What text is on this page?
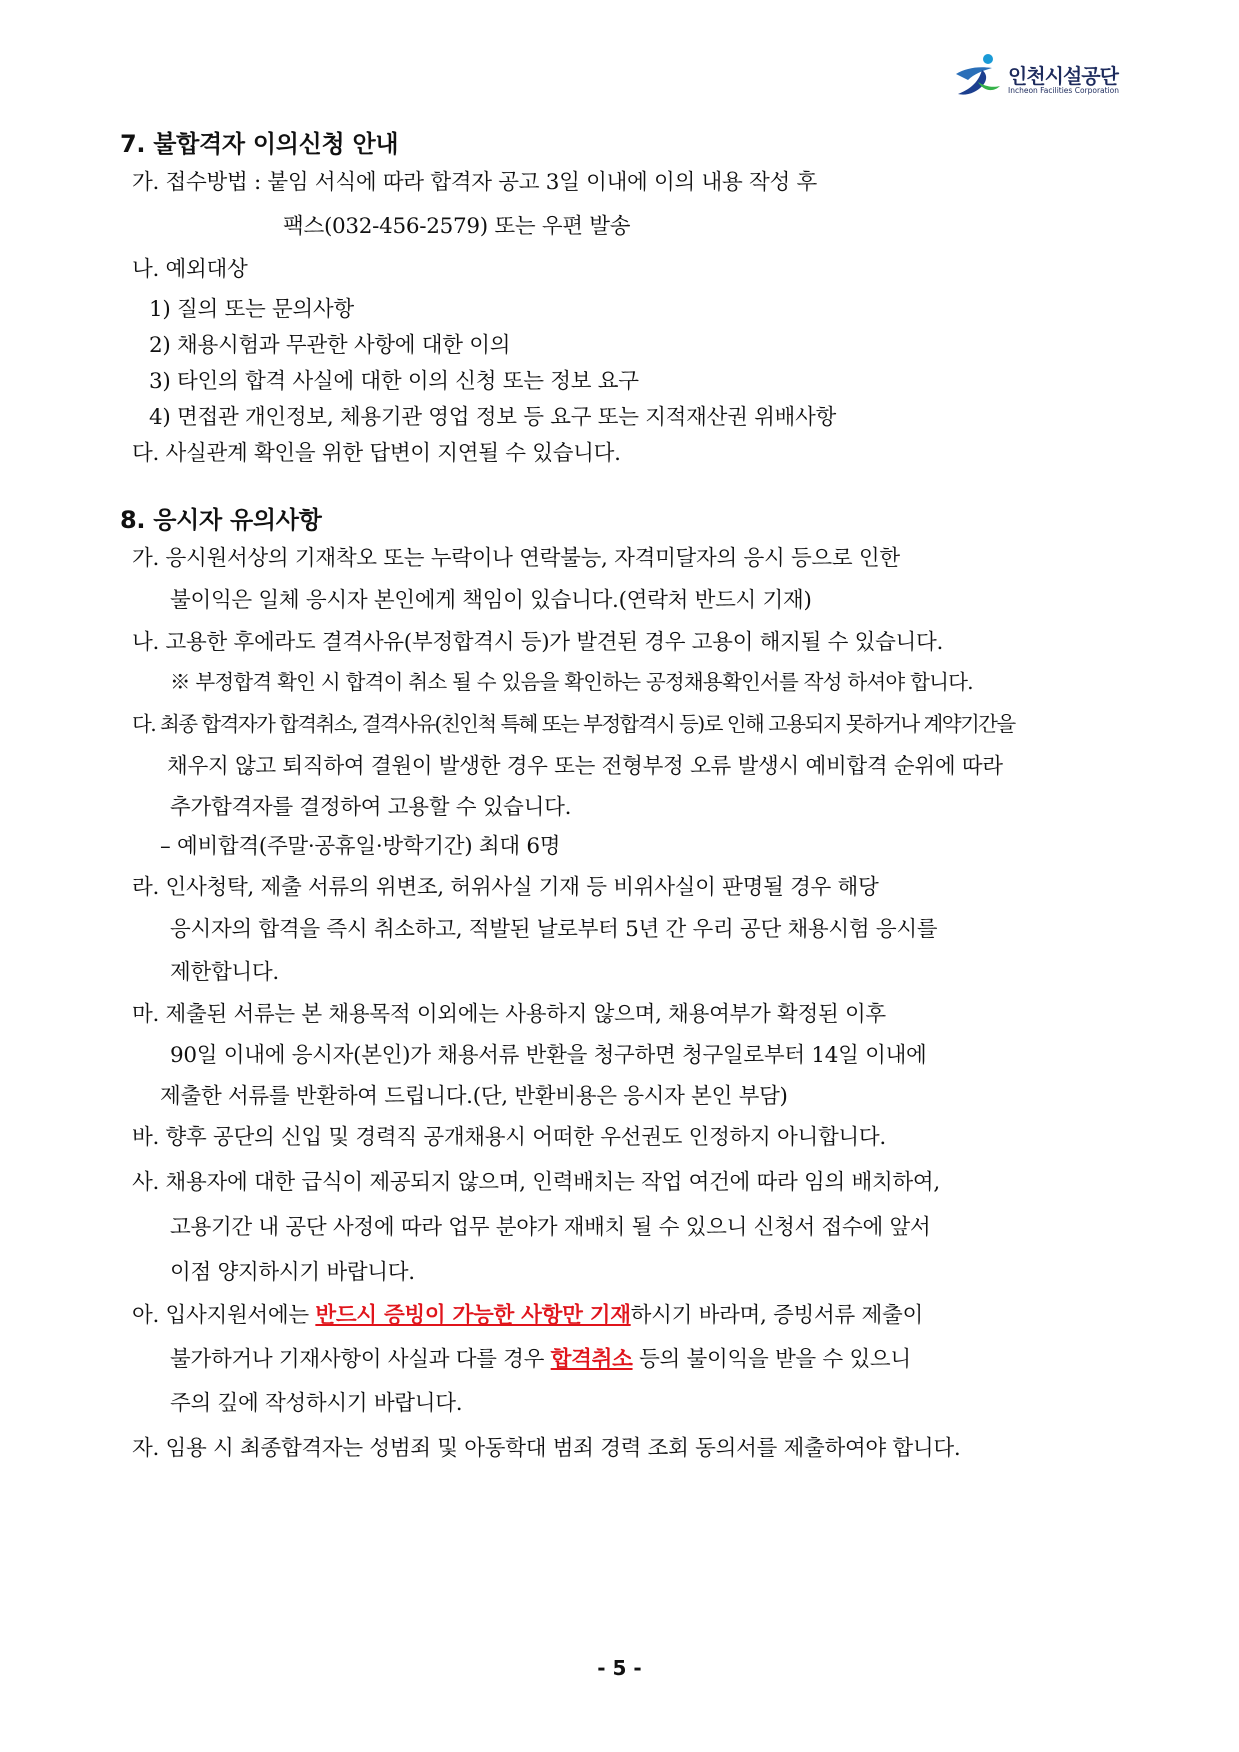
인천시설공단
Incheon Facilities Corporation
7. 불합격자 이의신청 안내
가. 접수방법 : 붙임 서식에 따라 합격자 공고 3일 이내에 이의 내용 작성 후
팩스(032-456-2579) 또는 우편 발송
나. 예외대상
1) 질의 또는 문의사항
2) 채용시험과 무관한 사항에 대한 이의
3) 타인의 합격 사실에 대한 이의 신청 또는 정보 요구
4) 면접관 개인정보, 체용기관 영업 정보 등 요구 또는 지적재산권 위배사항
다. 사실관계 확인을 위한 답변이 지연될 수 있습니다.
8. 응시자 유의사항
가. 응시원서상의 기재착오 또는 누락이나 연락불능, 자격미달자의 응시 등으로 인한
불이익은 일체 응시자 본인에게 책임이 있습니다.(연락처 반드시 기재)
나. 고용한 후에라도 결격사유(부정합격시 등)가 발견된 경우 고용이 해지될 수 있습니다.
※ 부정합격 확인 시 합격이 취소 될 수 있음을 확인하는 공정채용확인서를 작성 하셔야 합니다.
다. 최종 합격자가 합격취소, 결격사유(친인척 특혜 또는 부정합격시 등)로 인해 고용되지 못하거나 계약기간을
채우지 않고 퇴직하여 결원이 발생한 경우 또는 전형부정 오류 발생시 예비합격 순위에 따라
추가합격자를 결정하여 고용할 수 있습니다.
– 예비합격(주말·공휴일·방학기간) 최대 6명
라. 인사청탁, 제출 서류의 위변조, 허위사실 기재 등 비위사실이 판명될 경우 해당
응시자의 합격을 즉시 취소하고, 적발된 날로부터 5년 간 우리 공단 채용시험 응시를
제한합니다.
마. 제출된 서류는 본 채용목적 이외에는 사용하지 않으며, 채용여부가 확정된 이후
90일 이내에 응시자(본인)가 채용서류 반환을 청구하면 청구일로부터 14일 이내에
제출한 서류를 반환하여 드립니다.(단, 반환비용은 응시자 본인 부담)
바. 향후 공단의 신입 및 경력직 공개채용시 어떠한 우선권도 인정하지 아니합니다.
사. 채용자에 대한 급식이 제공되지 않으며, 인력배치는 작업 여건에 따라 임의 배치하여,
고용기간 내 공단 사정에 따라 업무 분야가 재배치 될 수 있으니 신청서 접수에 앞서
이점 양지하시기 바랍니다.
아. 입사지원서에는 반드시 증빙이 가능한 사항만 기재하시기 바라며, 증빙서류 제출이
불가하거나 기재사항이 사실과 다를 경우 합격취소 등의 불이익을 받을 수 있으니
주의 깊에 작성하시기 바랍니다.
자. 임용 시 최종합격자는 성범죄 및 아동학대 범죄 경력 조회 동의서를 제출하여야 합니다.
- 5 -
